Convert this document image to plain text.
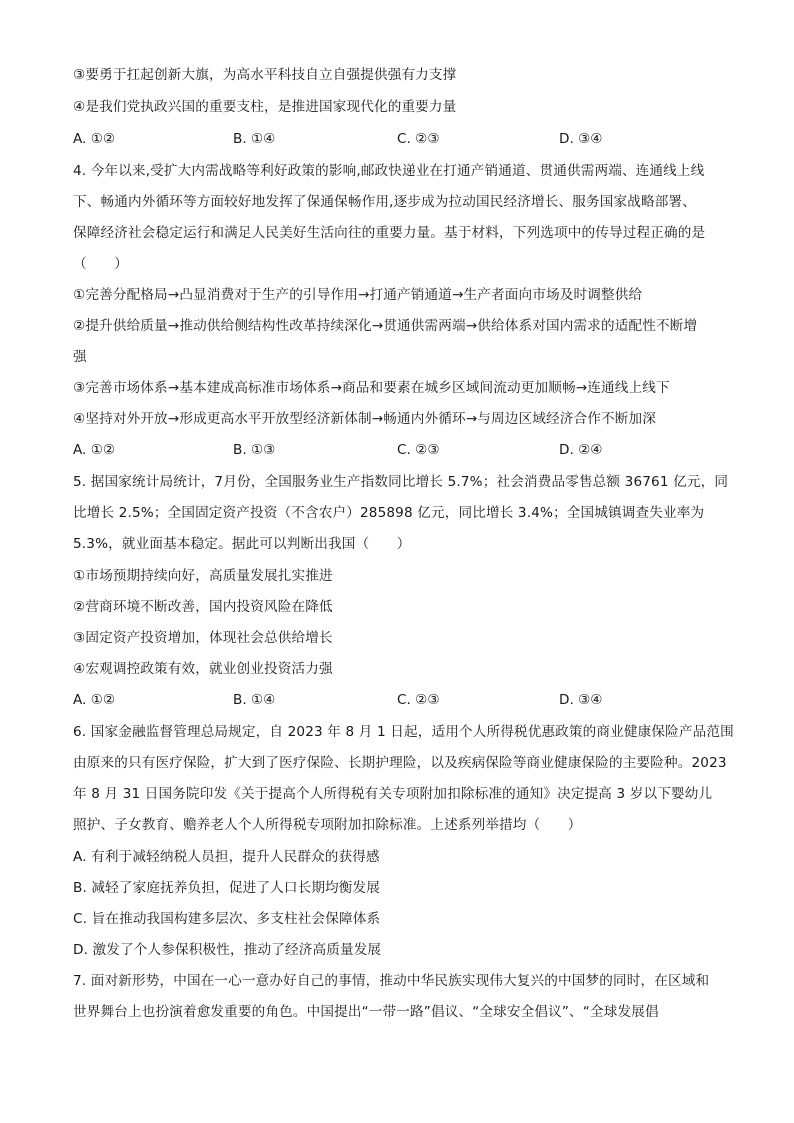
③要勇于扛起创新大旗，为高水平科技自立自强提供强有力支撑
④是我们党执政兴国的重要支柱，是推进国家现代化的重要力量
A. ①②	B. ①④	C. ②③	D. ③④
4. 今年以来,受扩大内需战略等利好政策的影响,邮政快递业在打通产销通道、贯通供需两端、连通线上线
下、畅通内外循环等方面较好地发挥了保通保畅作用,逐步成为拉动国民经济增长、服务国家战略部署、
保障经济社会稳定运行和满足人民美好生活向往的重要力量。基于材料，下列选项中的传导过程正确的是
（　　）
①完善分配格局→凸显消费对于生产的引导作用→打通产销通道→生产者面向市场及时调整供给
②提升供给质量→推动供给侧结构性改革持续深化→贯通供需两端→供给体系对国内需求的适配性不断增
强
③完善市场体系→基本建成高标准市场体系→商品和要素在城乡区域间流动更加顺畅→连通线上线下
④坚持对外开放→形成更高水平开放型经济新体制→畅通内外循环→与周边区域经济合作不断加深
A. ①②	B. ①③	C. ②③	D. ②④
5. 据国家统计局统计，7月份，全国服务业生产指数同比增长 5.7%；社会消费品零售总额 36761 亿元，同
比增长 2.5%；全国固定资产投资（不含农户）285898 亿元，同比增长 3.4%；全国城镇调查失业率为
5.3%，就业面基本稳定。据此可以判断出我国（　　）
①市场预期持续向好，高质量发展扎实推进
②营商环境不断改善，国内投资风险在降低
③固定资产投资增加，体现社会总供给增长
④宏观调控政策有效，就业创业投资活力强
A. ①②	B. ①④	C. ②③	D. ③④
6. 国家金融监督管理总局规定，自 2023 年 8 月 1 日起，适用个人所得税优惠政策的商业健康保险产品范围
由原来的只有医疗保险，扩大到了医疗保险、长期护理险，以及疾病保险等商业健康保险的主要险种。2023
年 8 月 31 日国务院印发《关于提高个人所得税有关专项附加扣除标准的通知》决定提高 3 岁以下婴幼儿
照护、子女教育、赡养老人个人所得税专项附加扣除标准。上述系列举措均（　　）
A. 有利于减轻纳税人员担，提升人民群众的获得感
B. 减轻了家庭抚养负担，促进了人口长期均衡发展
C. 旨在推动我国构建多层次、多支柱社会保障体系
D. 激发了个人参保积极性，推动了经济高质量发展
7. 面对新形势，中国在一心一意办好自己的事情，推动中华民族实现伟大复兴的中国梦的同时，在区域和
世界舞台上也扮演着愈发重要的角色。中国提出“一带一路”倡议、“全球安全倡议”、“全球发展倡
